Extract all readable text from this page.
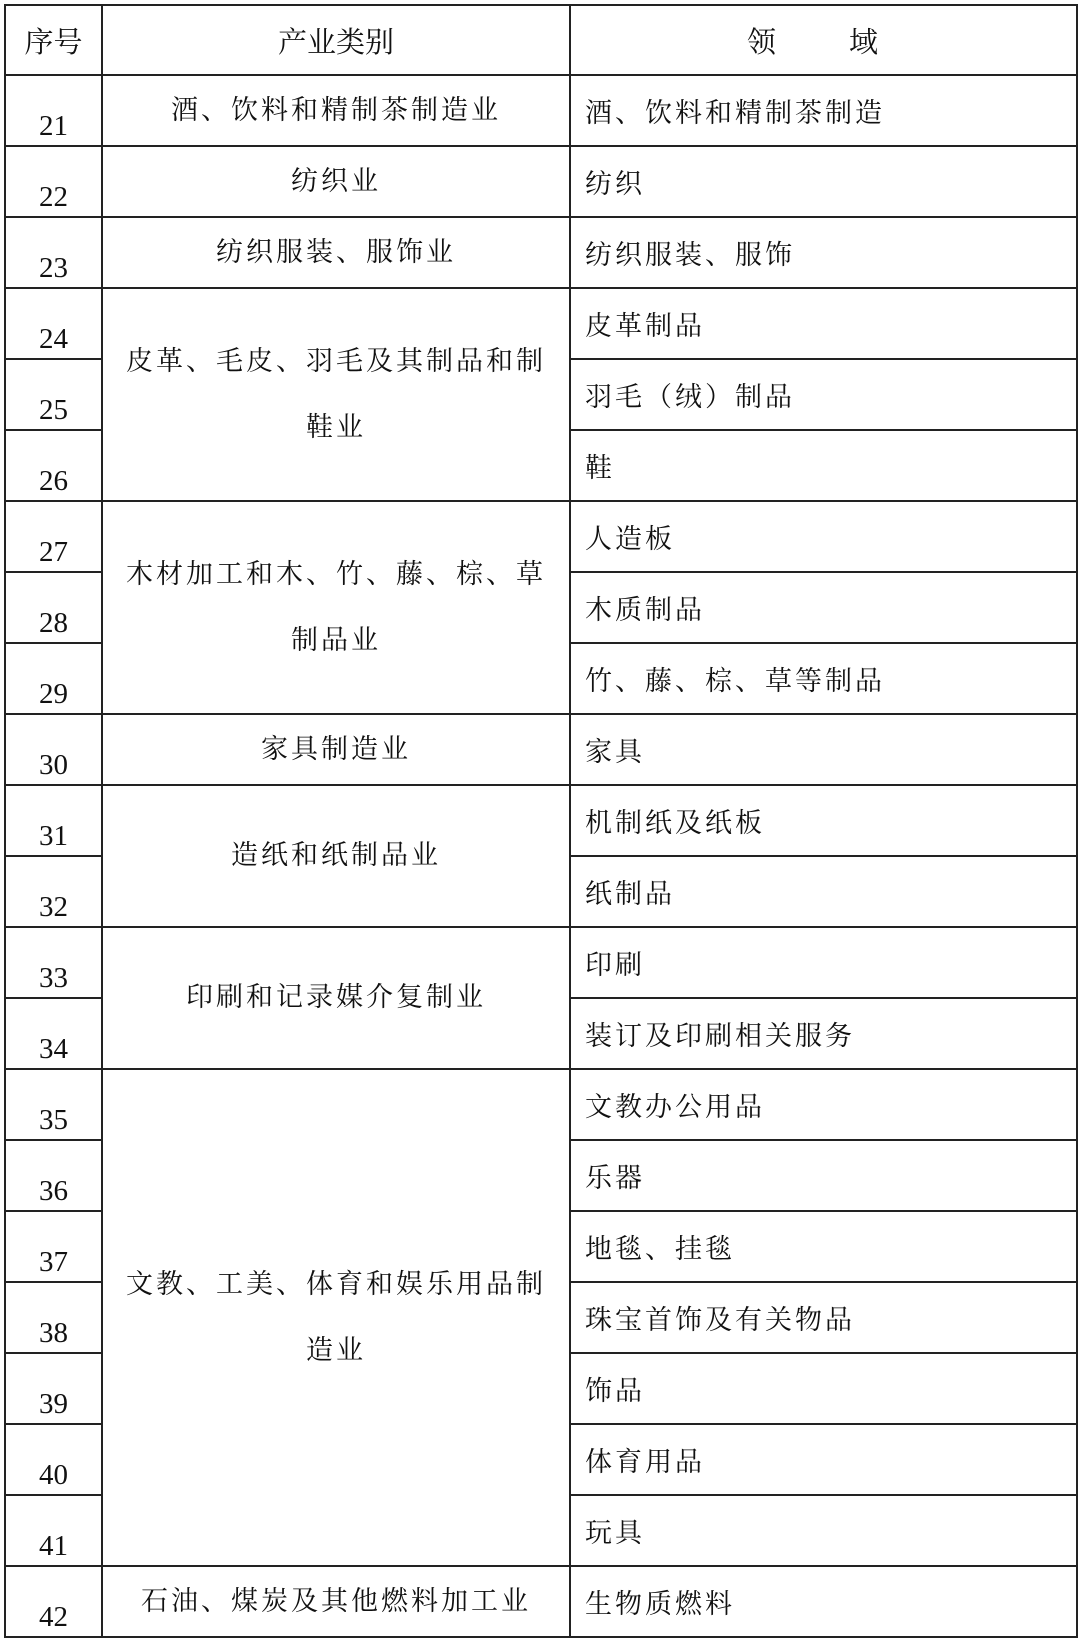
序号	产业类别	领　域
21	酒、饮料和精制茶制造业	酒、饮料和精制茶制造
22	纺织业	纺织
23	纺织服装、服饰业	纺织服装、服饰
24	皮革、毛皮、羽毛及其制品和制鞋业	皮革制品
25		羽毛（绒）制品
26		鞋
27	木材加工和木、竹、藤、棕、草制品业	人造板
28		木质制品
29		竹、藤、棕、草等制品
30	家具制造业	家具
31	造纸和纸制品业	机制纸及纸板
32		纸制品
33	印刷和记录媒介复制业	印刷
34		装订及印刷相关服务
35	文教、工美、体育和娱乐用品制造业	文教办公用品
36		乐器
37		地毯、挂毯
38		珠宝首饰及有关物品
39		饰品
40		体育用品
41		玩具
42	石油、煤炭及其他燃料加工业	生物质燃料
